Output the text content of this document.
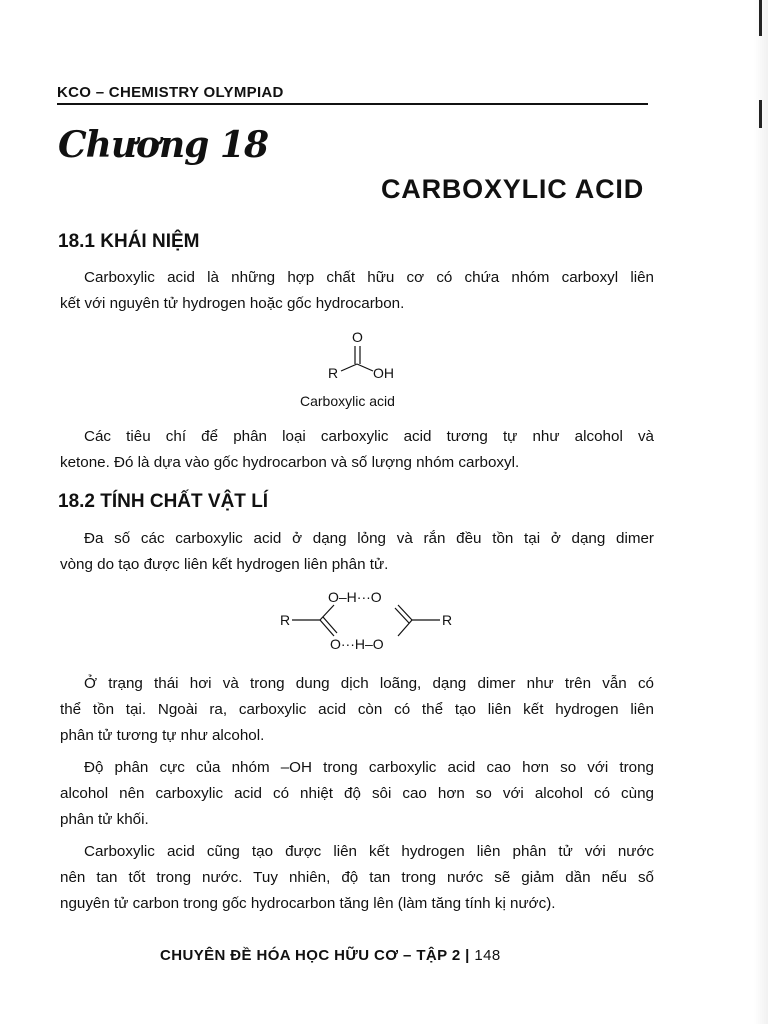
KCO – CHEMISTRY OLYMPIAD
Chương 18
CARBOXYLIC ACID
18.1 KHÁI NIỆM
Carboxylic acid là những hợp chất hữu cơ có chứa nhóm carboxyl liên
kết với nguyên tử hydrogen hoặc gốc hydrocarbon.
O
R OH
Carboxylic acid
Các tiêu chí để phân loại carboxylic acid tương tự như alcohol và
ketone. Đó là dựa vào gốc hydrocarbon và số lượng nhóm carboxyl.
18.2 TÍNH CHẤT VẬT LÍ
Đa số các carboxylic acid ở dạng lỏng và rắn đều tồn tại ở dạng dimer
vòng do tạo được liên kết hydrogen liên phân tử.
O–H···O
O···H–O
R	R
Ở trạng thái hơi và trong dung dịch loãng, dạng dimer như trên vẫn có
thể tồn tại. Ngoài ra, carboxylic acid còn có thể tạo liên kết hydrogen liên
phân tử tương tự như alcohol.
Độ phân cực của nhóm –OH trong carboxylic acid cao hơn so với trong
alcohol nên carboxylic acid có nhiệt độ sôi cao hơn so với alcohol có cùng
phân tử khối.
Carboxylic acid cũng tạo được liên kết hydrogen liên phân tử với nước
nên tan tốt trong nước. Tuy nhiên, độ tan trong nước sẽ giảm dần nếu số
nguyên tử carbon trong gốc hydrocarbon tăng lên (làm tăng tính kị nước).
CHUYÊN ĐỀ HÓA HỌC HỮU CƠ – TẬP 2 | 148
